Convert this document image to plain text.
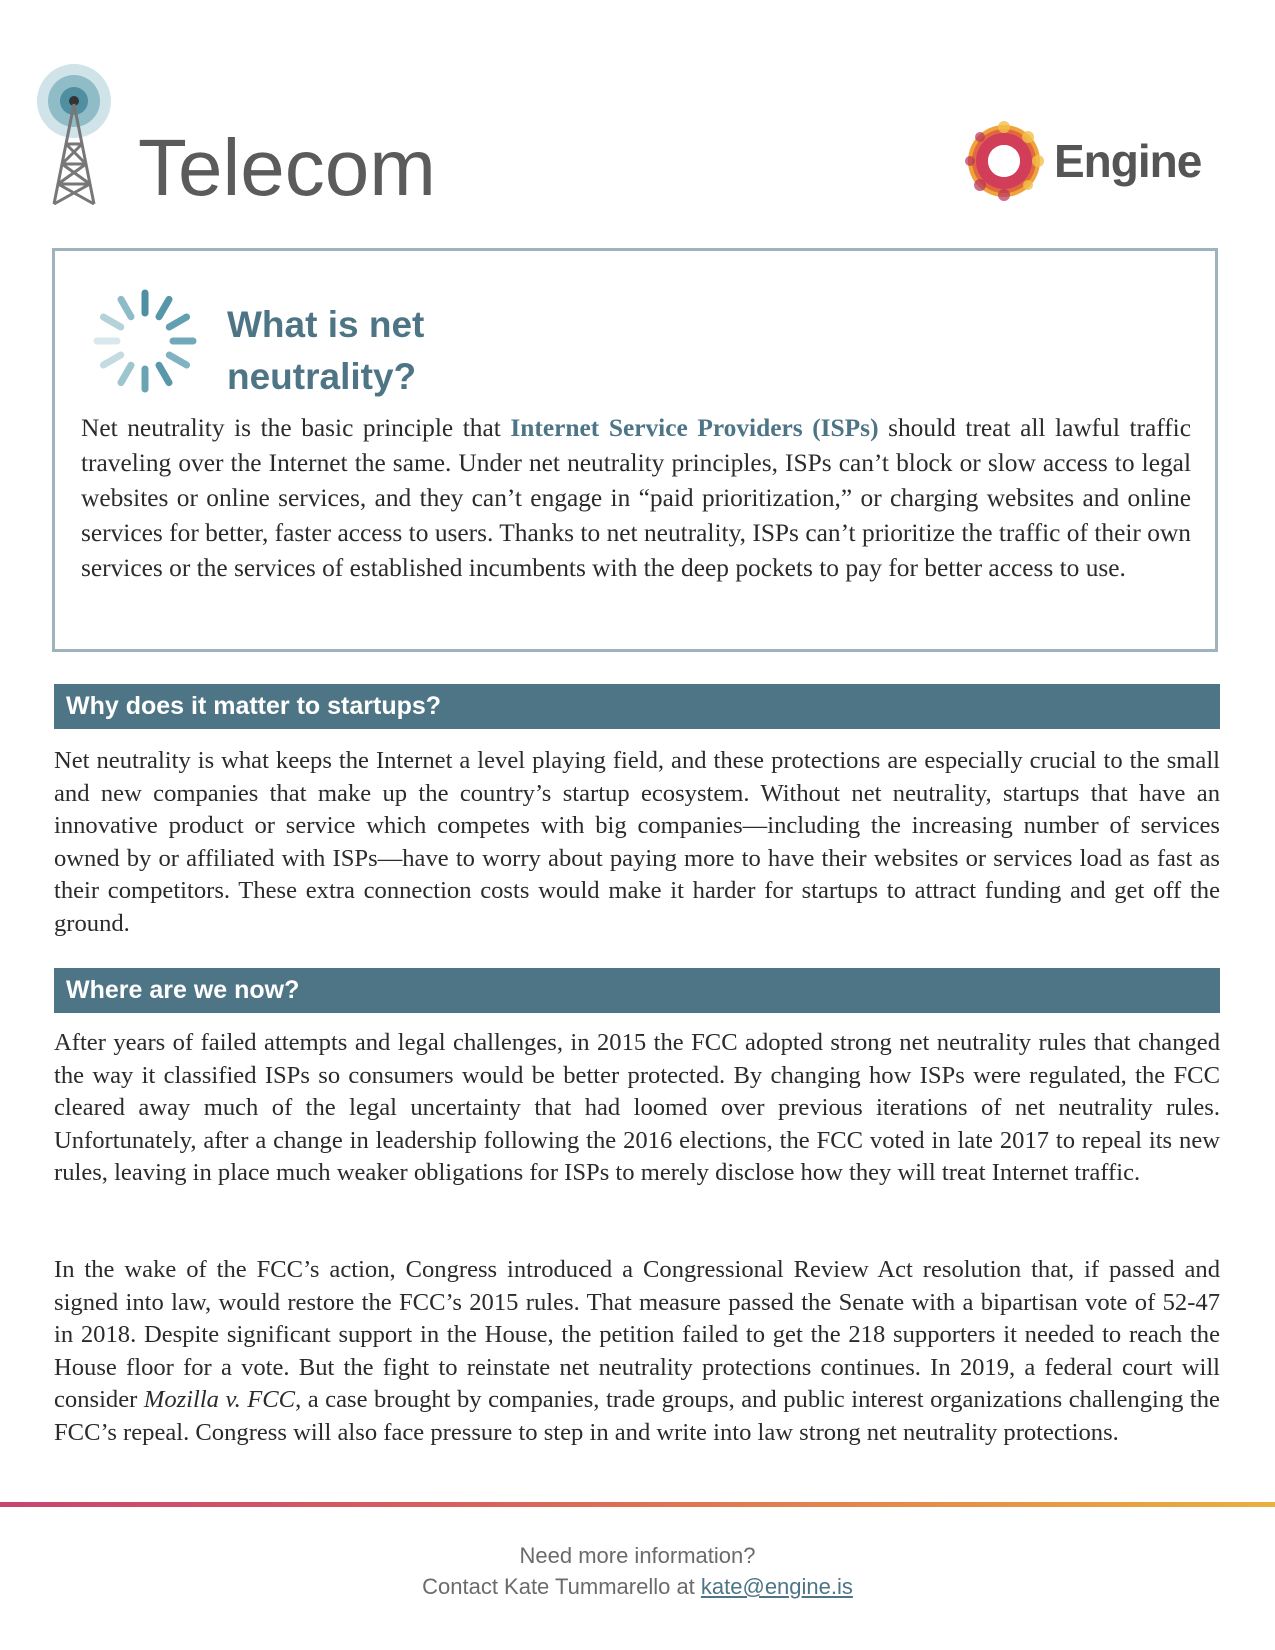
Telecom	Engine
What is net
neutrality?

Net neutrality is the basic principle that Internet Service Providers (ISPs) should treat all lawful traffic traveling over the Internet the same. Under net neutrality principles, ISPs can’t block or slow access to legal websites or online services, and they can’t engage in “paid prioritization,” or charging websites and online services for better, faster access to users. Thanks to net neutrality, ISPs can’t prioritize the traffic of their own services or the services of established incumbents with the deep pockets to pay for better access to use.

Why does it matter to startups?

Net neutrality is what keeps the Internet a level playing field, and these protections are especially crucial to the small and new companies that make up the country’s startup ecosystem. Without net neutrality, startups that have an innovative product or service which competes with big companies—including the increasing number of services owned by or affiliated with ISPs—have to worry about paying more to have their websites or services load as fast as their competitors. These extra connection costs would make it harder for startups to attract funding and get off the ground.

Where are we now?

After years of failed attempts and legal challenges, in 2015 the FCC adopted strong net neutrality rules that changed the way it classified ISPs so consumers would be better protected. By changing how ISPs were regulated, the FCC cleared away much of the legal uncertainty that had loomed over previous iterations of net neutrality rules. Unfortunately, after a change in leadership following the 2016 elections, the FCC voted in late 2017 to repeal its new rules, leaving in place much weaker obligations for ISPs to merely disclose how they will treat Internet traffic.

In the wake of the FCC’s action, Congress introduced a Congressional Review Act resolution that, if passed and signed into law, would restore the FCC’s 2015 rules. That measure passed the Senate with a bipartisan vote of 52-47 in 2018. Despite significant support in the House, the petition failed to get the 218 supporters it needed to reach the House floor for a vote. But the fight to reinstate net neutrality protections continues. In 2019, a federal court will consider Mozilla v. FCC, a case brought by companies, trade groups, and public interest organizations challenging the FCC’s repeal. Congress will also face pressure to step in and write into law strong net neutrality protections.

Need more information?
Contact Kate Tummarello at kate@engine.is
